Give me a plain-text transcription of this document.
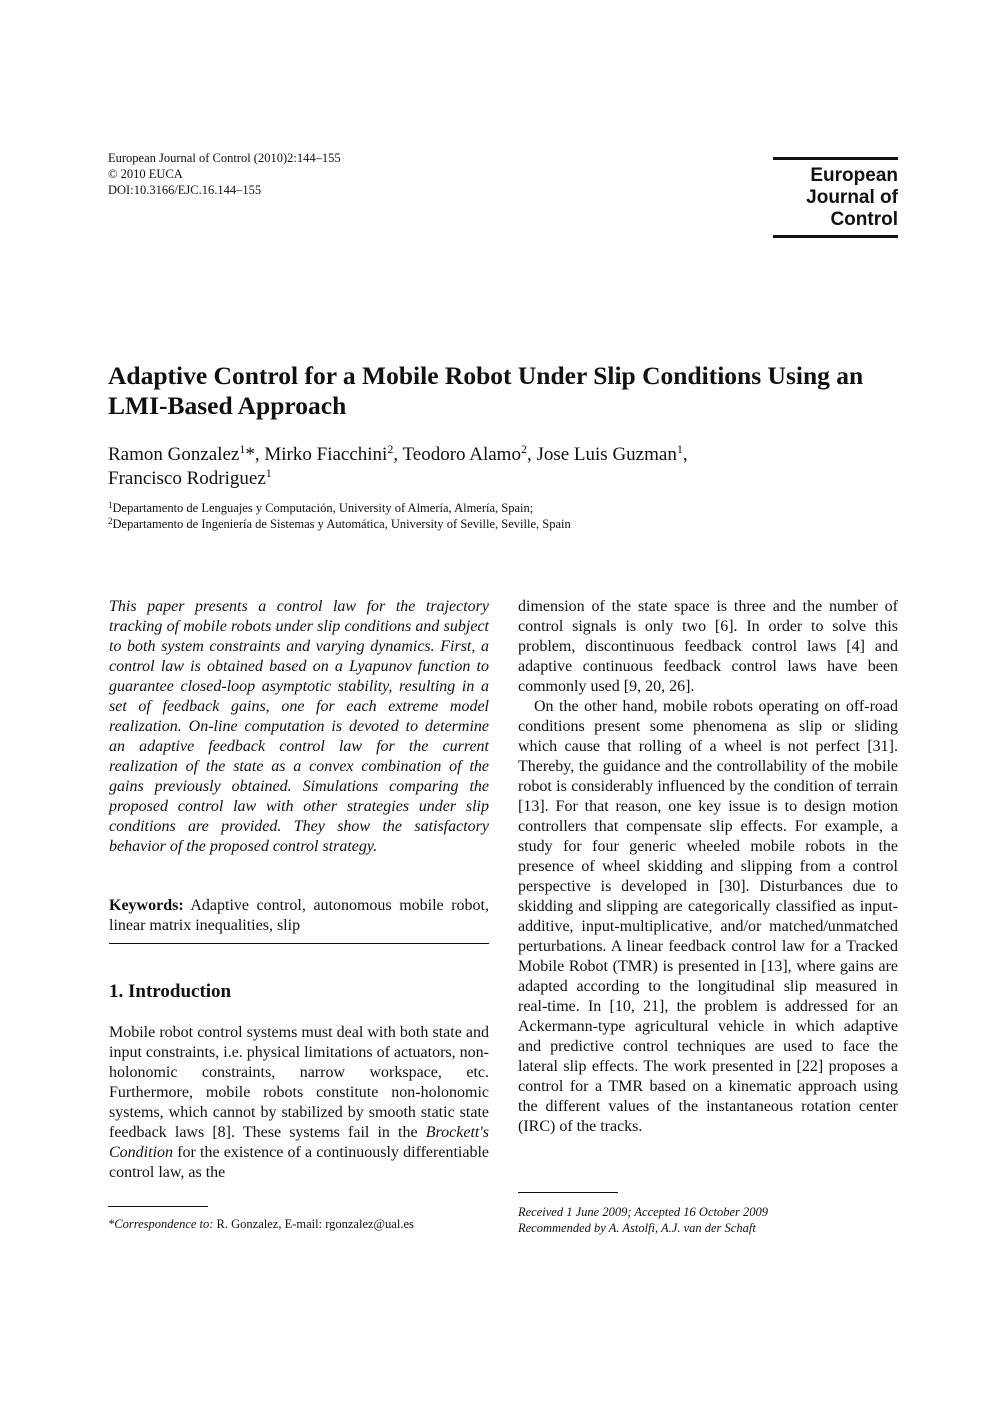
European Journal of Control (2010)2:144–155
© 2010 EUCA
DOI:10.3166/EJC.16.144–155
European
Journal of
Control
Adaptive Control for a Mobile Robot Under Slip Conditions Using an LMI-Based Approach
Ramon Gonzalez$^1$*, Mirko Fiacchini$^2$, Teodoro Alamo$^2$, Jose Luis Guzman$^1$,
Francisco Rodriguez$^1$
$^1$Departamento de Lenguajes y Computación, University of Almería, Almería, Spain;
$^2$Departamento de Ingeniería de Sistemas y Automática, University of Seville, Seville, Spain
This paper presents a control law for the trajectory tracking of mobile robots under slip conditions and subject to both system constraints and varying dynamics. First, a control law is obtained based on a Lyapunov function to guarantee closed-loop asymptotic stability, resulting in a set of feedback gains, one for each extreme model realization. On-line computation is devoted to determine an adaptive feedback control law for the current realization of the state as a convex combination of the gains previously obtained. Simulations comparing the proposed control law with other strategies under slip conditions are provided. They show the satisfactory behavior of the proposed control strategy.
Keywords: Adaptive control, autonomous mobile robot, linear matrix inequalities, slip
1. Introduction

Mobile robot control systems must deal with both state and input constraints, i.e. physical limitations of actuators, non-holonomic constraints, narrow workspace, etc. Furthermore, mobile robots constitute non-holonomic systems, which cannot by stabilized by smooth static state feedback laws [8]. These systems fail in the Brockett's Condition for the existence of a continuously differentiable control law, as the

dimension of the state space is three and the number of control signals is only two [6]. In order to solve this problem, discontinuous feedback control laws [4] and adaptive continuous feedback control laws have been commonly used [9, 20, 26].

On the other hand, mobile robots operating on off-road conditions present some phenomena as slip or sliding which cause that rolling of a wheel is not perfect [31]. Thereby, the guidance and the controllability of the mobile robot is considerably influenced by the condition of terrain [13]. For that reason, one key issue is to design motion controllers that compensate slip effects. For example, a study for four generic wheeled mobile robots in the presence of wheel skidding and slipping from a control perspective is developed in [30]. Disturbances due to skidding and slipping are categorically classified as input-additive, input-multiplicative, and/or matched/unmatched perturbations. A linear feedback control law for a Tracked Mobile Robot (TMR) is presented in [13], where gains are adapted according to the longitudinal slip measured in real-time. In [10, 21], the problem is addressed for an Ackermann-type agricultural vehicle in which adaptive and predictive control techniques are used to face the lateral slip effects. The work presented in [22] proposes a control for a TMR based on a kinematic approach using the different values of the instantaneous rotation center (IRC) of the tracks.

*Correspondence to: R. Gonzalez, E-mail: rgonzalez@ual.es
Received 1 June 2009; Accepted 16 October 2009
Recommended by A. Astolfi, A.J. van der Schaft
